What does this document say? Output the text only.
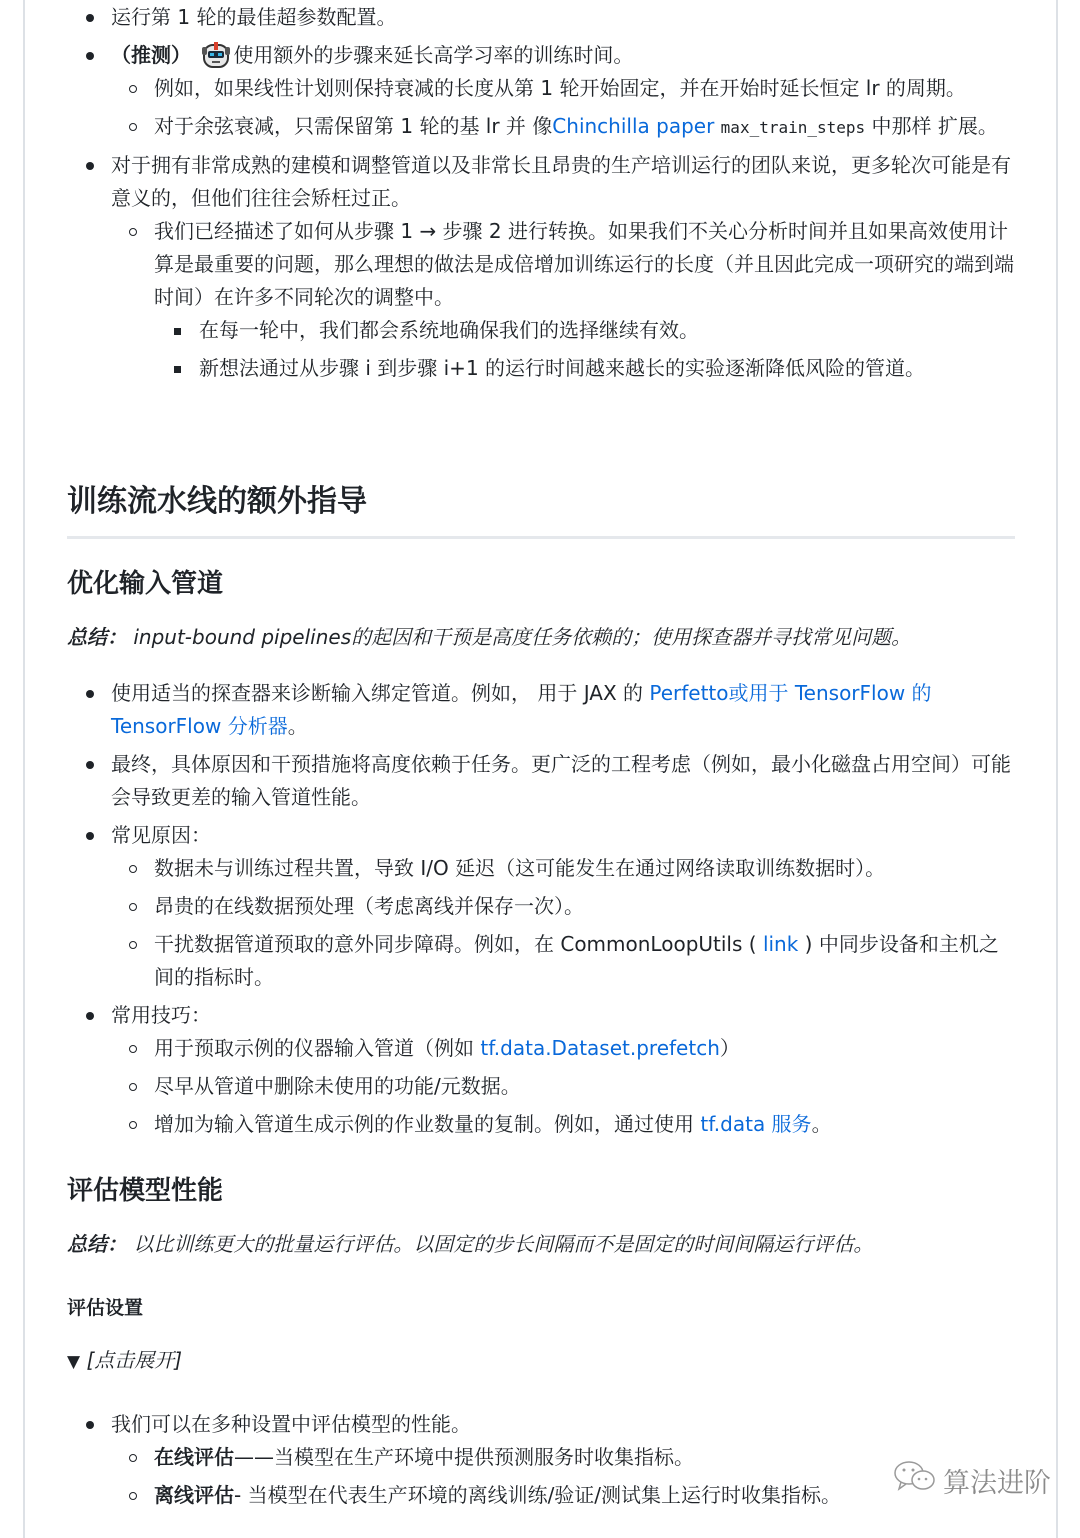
运行第 1 轮的最佳超参数配置。
（推测） 使用额外的步骤来延长高学习率的训练时间。
例如，如果线性计划则保持衰减的长度从第 1 轮开始固定，并在开始时延长恒定 lr 的周期。
对于余弦衰减，只需保留第 1 轮的基 lr 并 像Chinchilla paper max_train_steps 中那样 扩展。
对于拥有非常成熟的建模和调整管道以及非常长且昂贵的生产培训运行的团队来说，更多轮次可能是有意义的，但他们往往会矫枉过正。
我们已经描述了如何从步骤 1 → 步骤 2 进行转换。如果我们不关心分析时间并且如果高效使用计算是最重要的问题，那么理想的做法是成倍增加训练运行的长度（并且因此完成一项研究的端到端时间）在许多不同轮次的调整中。
在每一轮中，我们都会系统地确保我们的选择继续有效。
新想法通过从步骤 i 到步骤 i+1 的运行时间越来越长的实验逐渐降低风险的管道。
训练流水线的额外指导
优化输入管道
总结： input-bound pipelines的起因和干预是高度任务依赖的；使用探查器并寻找常见问题。
使用适当的探查器来诊断输入绑定管道。例如， 用于 JAX 的 Perfetto或用于 TensorFlow 的 TensorFlow 分析器。
最终，具体原因和干预措施将高度依赖于任务。更广泛的工程考虑（例如，最小化磁盘占用空间）可能会导致更差的输入管道性能。
常见原因：
数据未与训练过程共置，导致 I/O 延迟（这可能发生在通过网络读取训练数据时）。
昂贵的在线数据预处理（考虑离线并保存一次）。
干扰数据管道预取的意外同步障碍。例如，在 CommonLoopUtils ( link ) 中同步设备和主机之间的指标时。
常用技巧：
用于预取示例的仪器输入管道（例如 tf.data.Dataset.prefetch）
尽早从管道中删除未使用的功能/元数据。
增加为输入管道生成示例的作业数量的复制。例如，通过使用 tf.data 服务。
评估模型性能
总结： 以比训练更大的批量运行评估。以固定的步长间隔而不是固定的时间间隔运行评估。
评估设置
▼ [点击展开]
我们可以在多种设置中评估模型的性能。
在线评估——当模型在生产环境中提供预测服务时收集指标。
离线评估- 当模型在代表生产环境的离线训练/验证/测试集上运行时收集指标。	算法进阶
